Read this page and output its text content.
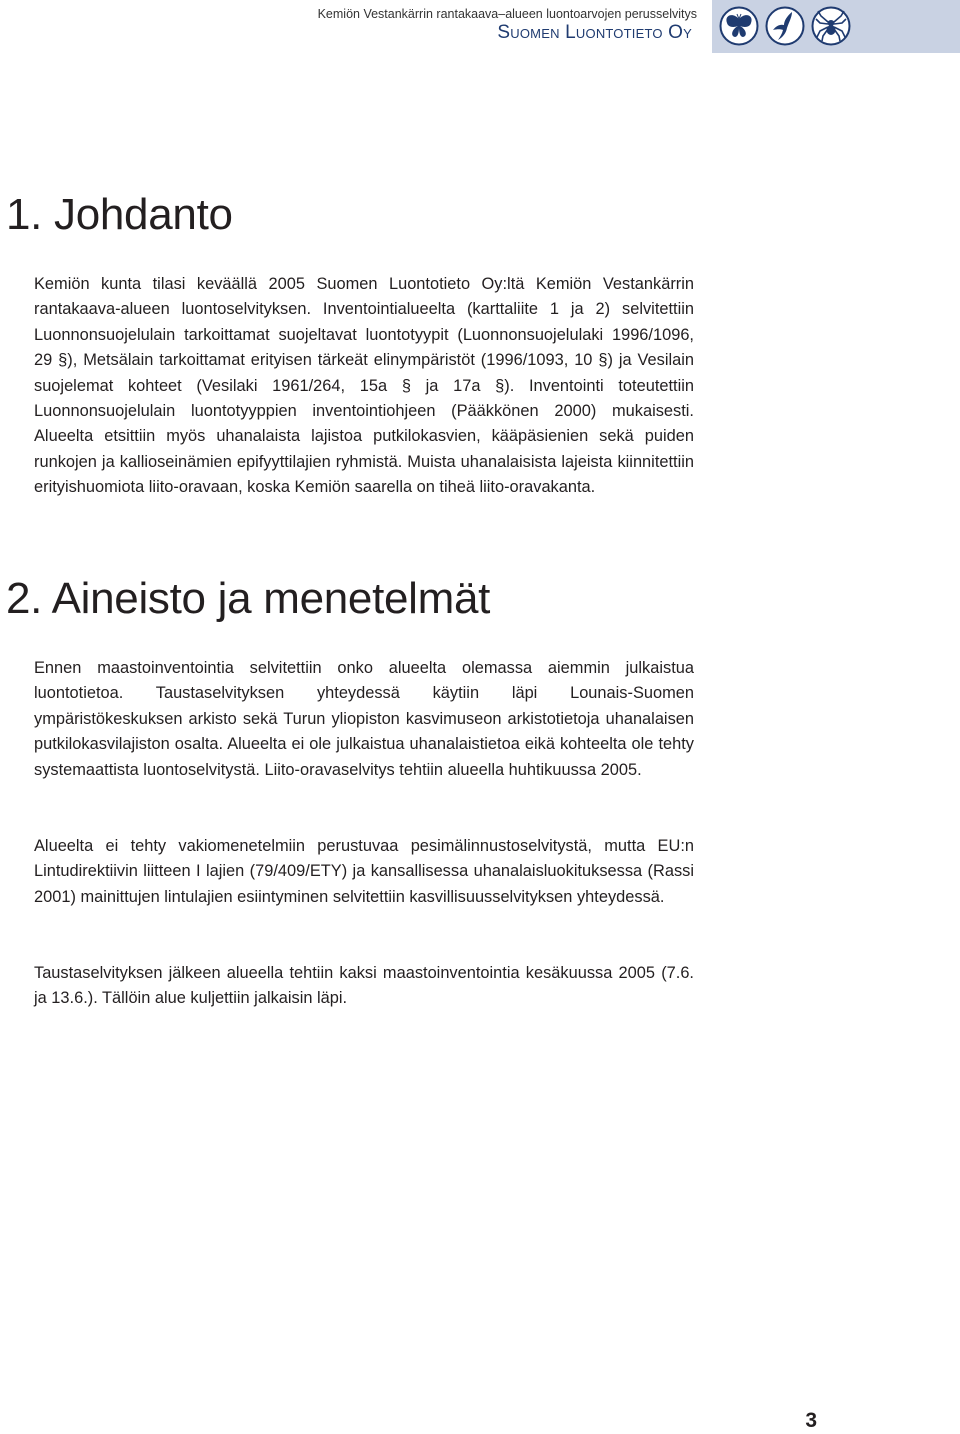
Kemiön Vestankärrin rantakaava–alueen luontoarvojen perusselvitys
Suomen Luontotieto Oy
1. Johdanto

Kemiön kunta tilasi keväällä 2005 Suomen Luontotieto Oy:ltä Kemiön Vestankärrin rantakaava-alueen luontoselvityksen. Inventointialueelta (karttaliite 1 ja 2) selvitettiin Luonnonsuojelulain tarkoittamat suojeltavat luontotyypit (Luonnonsuojelulaki 1996/1096, 29 §), Metsälain tarkoittamat erityisen tärkeät elinympäristöt (1996/1093, 10 §) ja Vesilain suojelemat kohteet (Vesilaki 1961/264, 15a § ja 17a §). Inventointi toteutettiin Luonnonsuojelulain luontotyyppien inventointiohjeen (Pääkkönen 2000) mukaisesti. Alueelta etsittiin myös uhanalaista lajistoa putkilokasvien, kääpäsienien sekä puiden runkojen ja kallioseinämien epifyyttilajien ryhmistä. Muista uhanalaisista lajeista kiinnitettiin erityishuomiota liito-oravaan, koska Kemiön saarella on tiheä liito-oravakanta.

2. Aineisto ja menetelmät

Ennen maastoinventointia selvitettiin onko alueelta olemassa aiemmin julkaistua luontotietoa. Taustaselvityksen yhteydessä käytiin läpi Lounais-Suomen ympäristökeskuksen arkisto sekä Turun yliopiston kasvimuseon arkistotietoja uhanalaisen putkilokasvilajiston osalta. Alueelta ei ole julkaistua uhanalaistietoa eikä kohteelta ole tehty systemaattista luontoselvitystä. Liito-oravaselvitys tehtiin alueella huhtikuussa 2005.

Alueelta ei tehty vakiomenetelmiin perustuvaa pesimälinnustoselvitystä, mutta EU:n Lintudirektiivin liitteen I lajien (79/409/ETY) ja kansallisessa uhanalaisluokituksessa (Rassi 2001) mainittujen lintulajien esiintyminen selvitettiin kasvillisuusselvityksen yhteydessä.

Taustaselvityksen jälkeen alueella tehtiin kaksi maastoinventointia kesäkuussa 2005 (7.6. ja 13.6.). Tällöin alue kuljettiin jalkaisin läpi.

3
